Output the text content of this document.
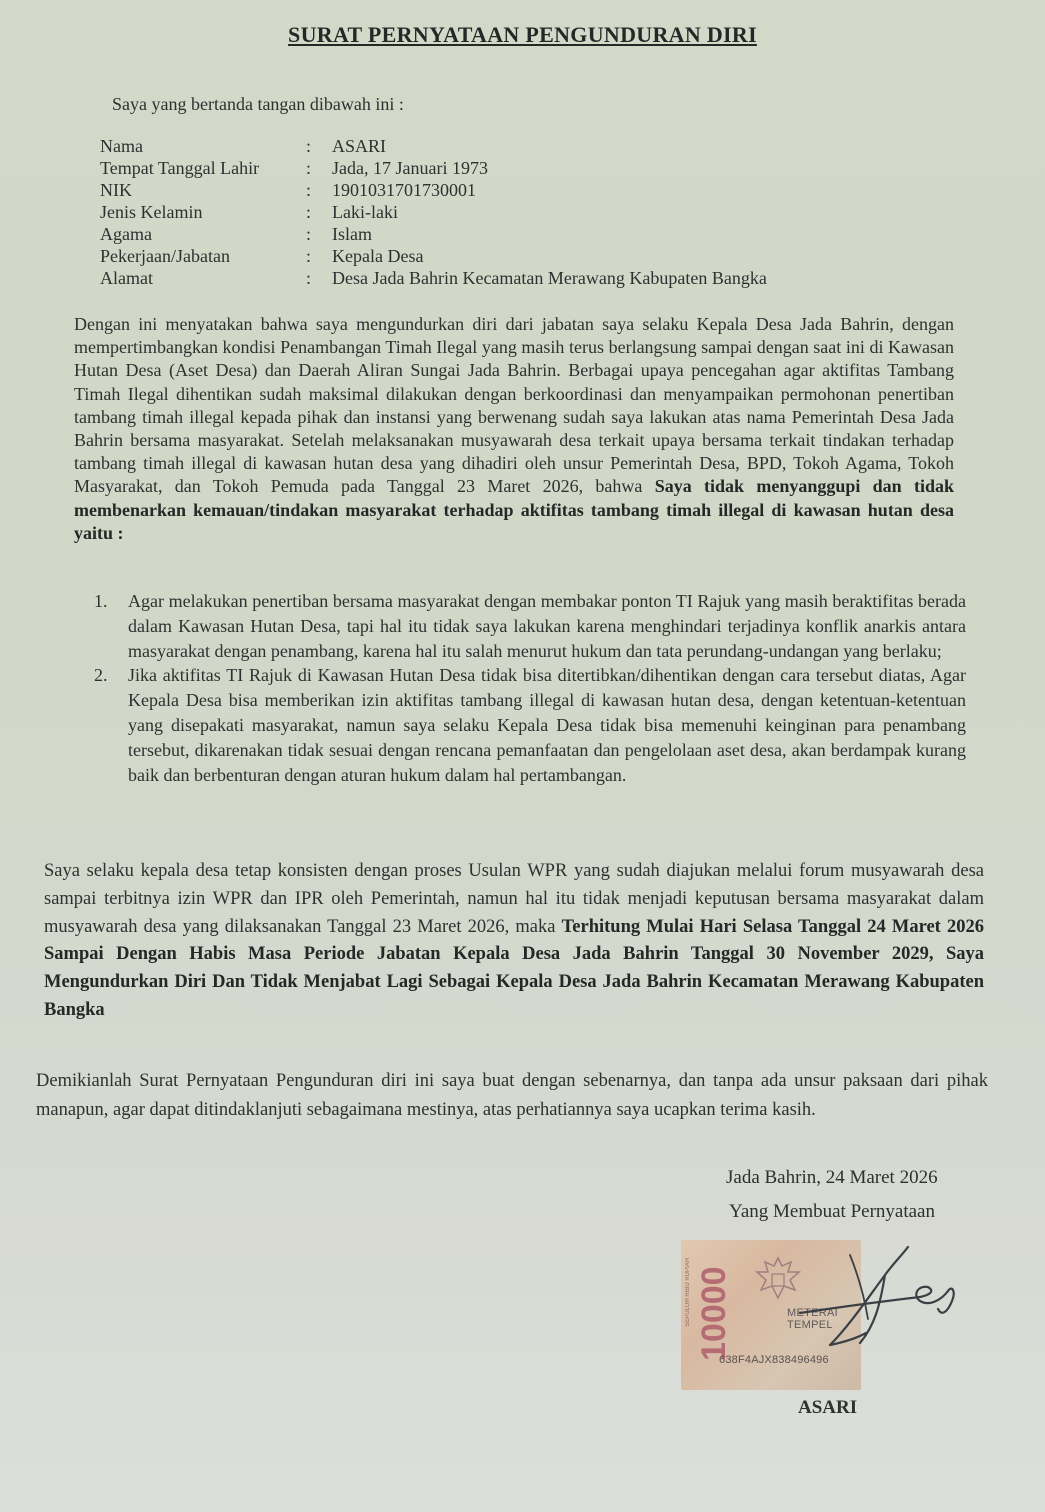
SURAT PERNYATAAN PENGUNDURAN DIRI
Saya yang bertanda tangan dibawah ini :
Nama	:	ASARI
Tempat Tanggal Lahir	:	Jada, 17 Januari 1973
NIK	:	1901031701730001
Jenis Kelamin	:	Laki-laki
Agama	:	Islam
Pekerjaan/Jabatan	:	Kepala Desa
Alamat	:	Desa Jada Bahrin Kecamatan Merawang Kabupaten Bangka

Dengan ini menyatakan bahwa saya mengundurkan diri dari jabatan saya selaku Kepala Desa Jada Bahrin, dengan mempertimbangkan kondisi Penambangan Timah Ilegal yang masih terus berlangsung sampai dengan saat ini di Kawasan Hutan Desa (Aset Desa) dan Daerah Aliran Sungai Jada Bahrin. Berbagai upaya pencegahan agar aktifitas Tambang Timah Ilegal dihentikan sudah maksimal dilakukan dengan berkoordinasi dan menyampaikan permohonan penertiban tambang timah illegal kepada pihak dan instansi yang berwenang sudah saya lakukan atas nama Pemerintah Desa Jada Bahrin bersama masyarakat. Setelah melaksanakan musyawarah desa terkait upaya bersama terkait tindakan terhadap tambang timah illegal di kawasan hutan desa yang dihadiri oleh unsur Pemerintah Desa, BPD, Tokoh Agama, Tokoh Masyarakat, dan Tokoh Pemuda pada Tanggal 23 Maret 2026, bahwa Saya tidak menyanggupi dan tidak membenarkan kemauan/tindakan masyarakat terhadap aktifitas tambang timah illegal di kawasan hutan desa yaitu :

1. Agar melakukan penertiban bersama masyarakat dengan membakar ponton TI Rajuk yang masih beraktifitas berada dalam Kawasan Hutan Desa, tapi hal itu tidak saya lakukan karena menghindari terjadinya konflik anarkis antara masyarakat dengan penambang, karena hal itu salah menurut hukum dan tata perundang-undangan yang berlaku;
2. Jika aktifitas TI Rajuk di Kawasan Hutan Desa tidak bisa ditertibkan/dihentikan dengan cara tersebut diatas, Agar Kepala Desa bisa memberikan izin aktifitas tambang illegal di kawasan hutan desa, dengan ketentuan-ketentuan yang disepakati masyarakat, namun saya selaku Kepala Desa tidak bisa memenuhi keinginan para penambang tersebut, dikarenakan tidak sesuai dengan rencana pemanfaatan dan pengelolaan aset desa, akan berdampak kurang baik dan berbenturan dengan aturan hukum dalam hal pertambangan.

Saya selaku kepala desa tetap konsisten dengan proses Usulan WPR yang sudah diajukan melalui forum musyawarah desa sampai terbitnya izin WPR dan IPR oleh Pemerintah, namun hal itu tidak menjadi keputusan bersama masyarakat dalam musyawarah desa yang dilaksanakan Tanggal 23 Maret 2026, maka Terhitung Mulai Hari Selasa Tanggal 24 Maret 2026 Sampai Dengan Habis Masa Periode Jabatan Kepala Desa Jada Bahrin Tanggal 30 November 2029, Saya Mengundurkan Diri Dan Tidak Menjabat Lagi Sebagai Kepala Desa Jada Bahrin Kecamatan Merawang Kabupaten Bangka

Demikianlah Surat Pernyataan Pengunduran diri ini saya buat dengan sebenarnya, dan tanpa ada unsur paksaan dari pihak manapun, agar dapat ditindaklanjuti sebagaimana mestinya, atas perhatiannya saya ucapkan terima kasih.

Jada Bahrin, 24 Maret 2026
Yang Membuat Pernyataan
SEPULUH RIBU RUPIAH 10000	METERAI
TEMPEL
638F4AJX838496496
ASARI
